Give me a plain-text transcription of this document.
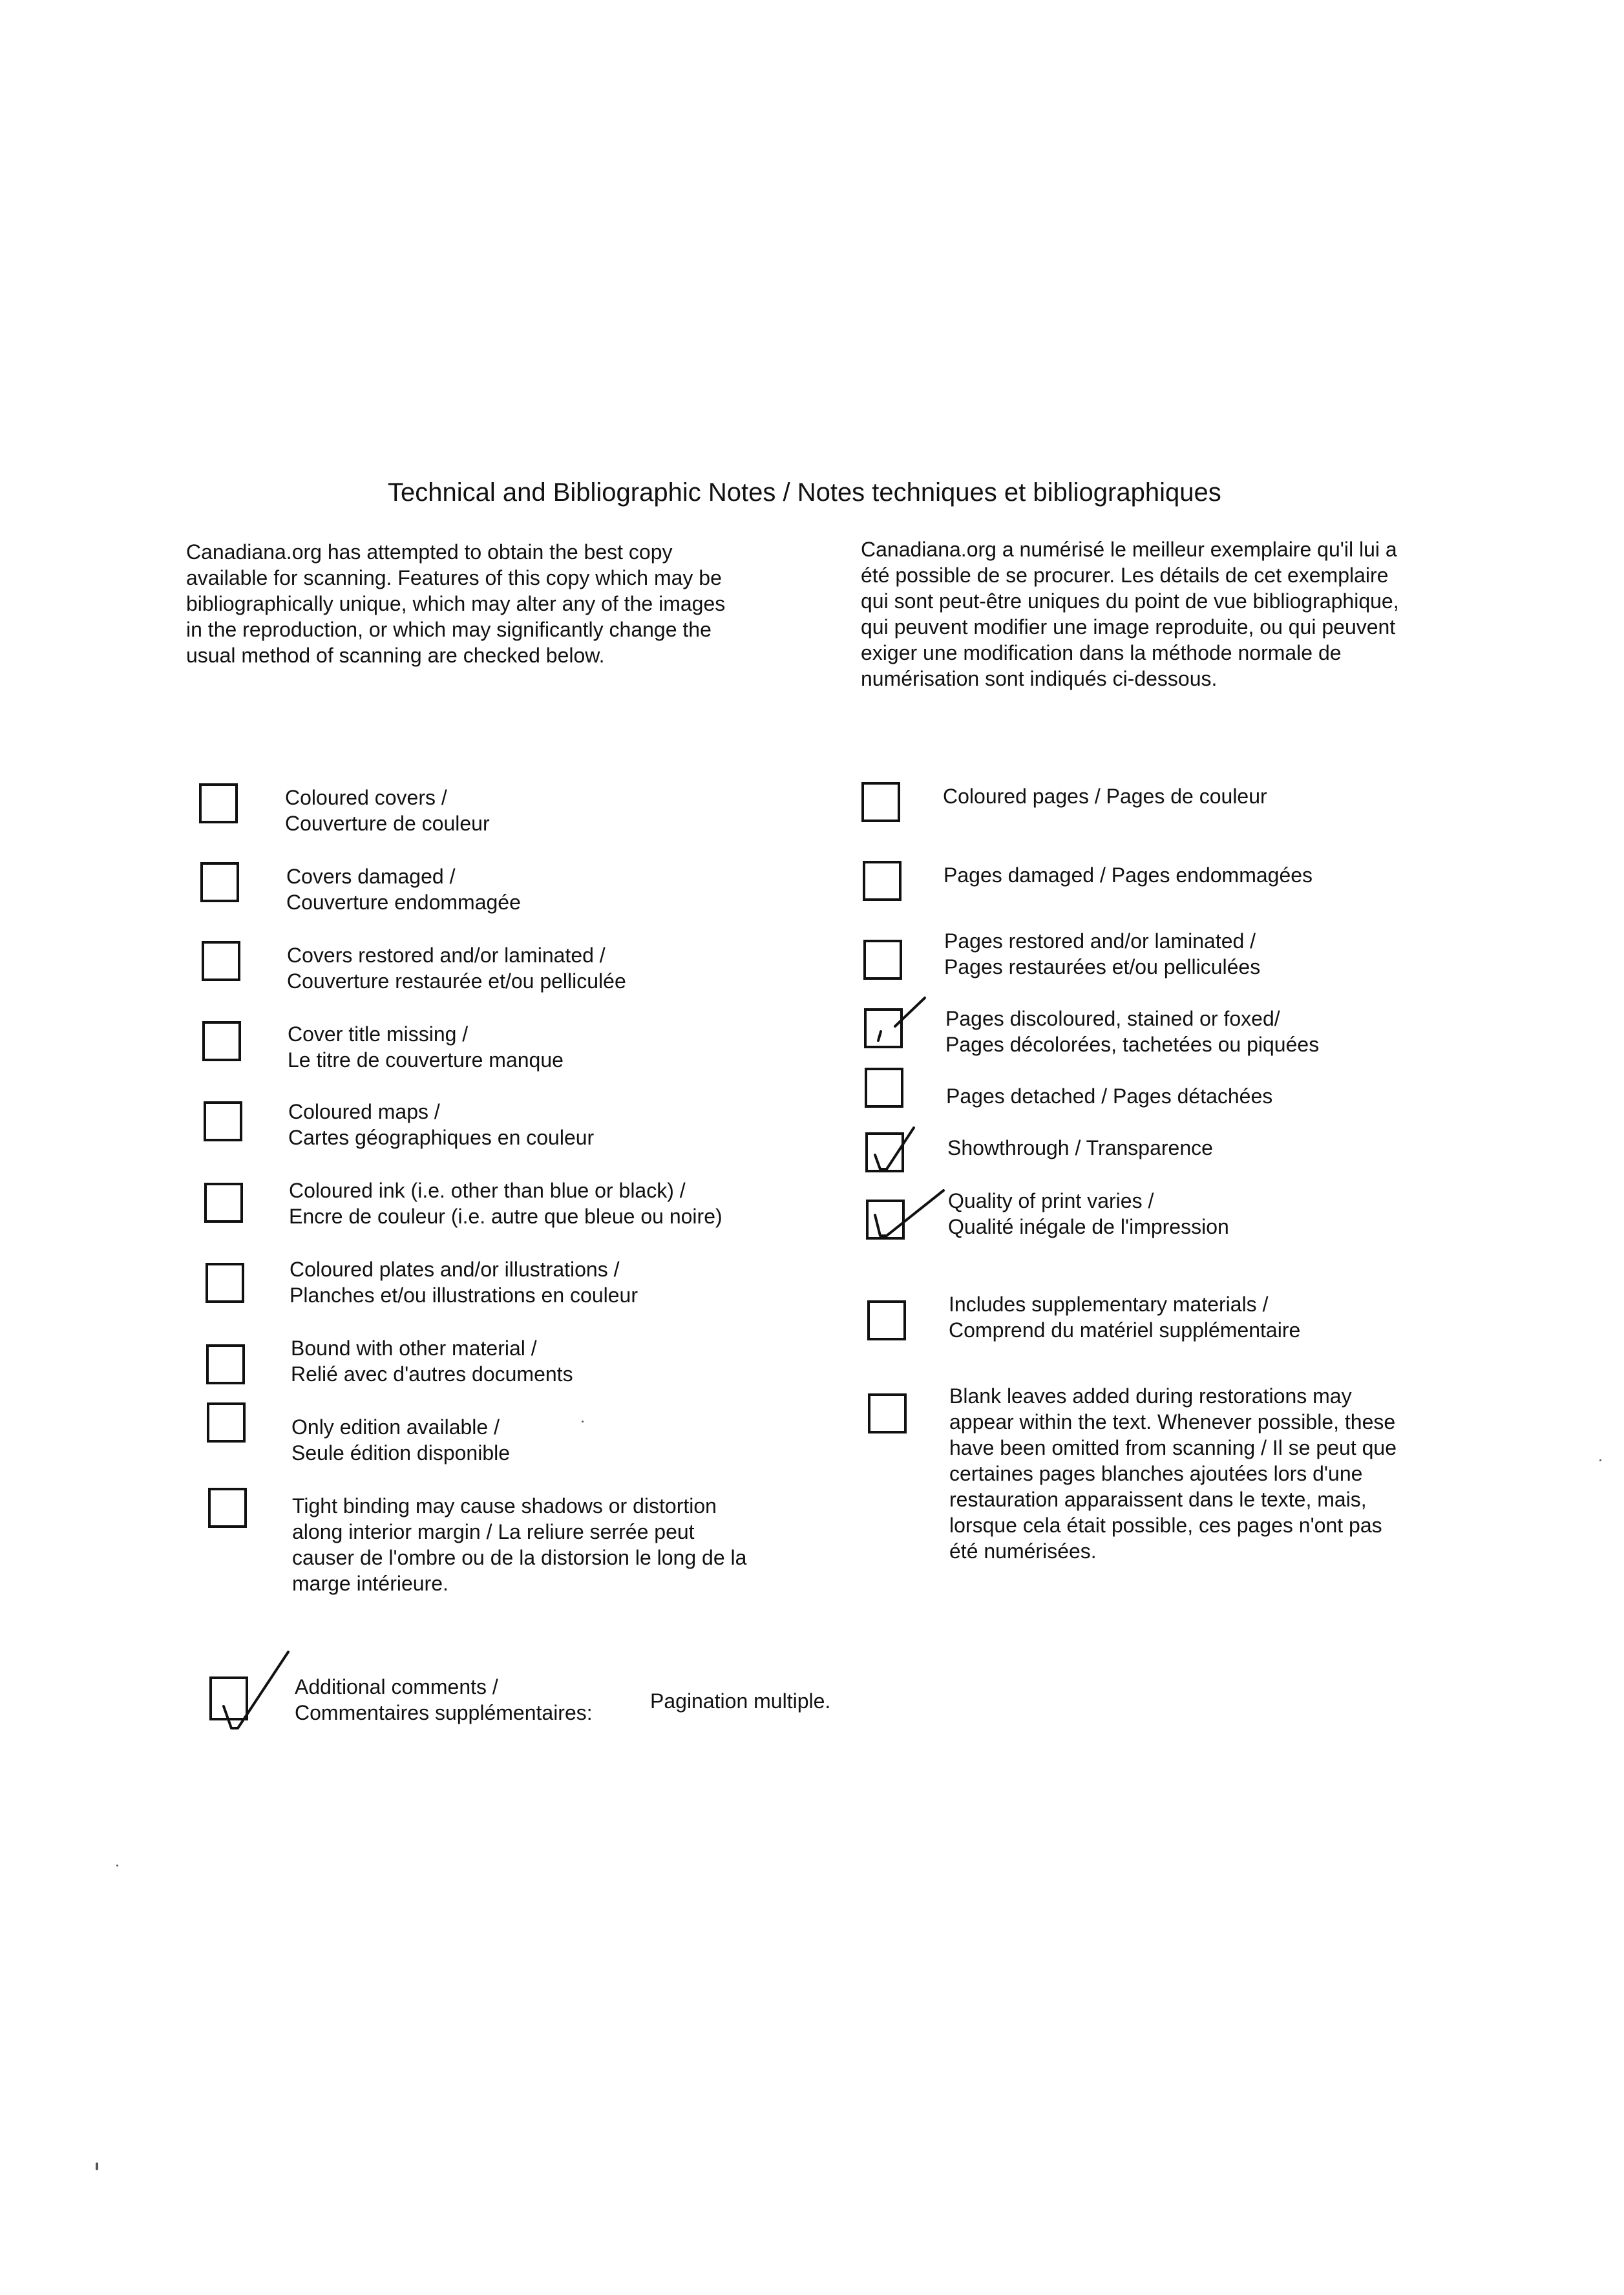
Technical and Bibliographic Notes / Notes techniques et bibliographiques
Canadiana.org has attempted to obtain the best copy
available for scanning. Features of this copy which may be
bibliographically unique, which may alter any of the images
in the reproduction, or which may significantly change the
usual method of scanning are checked below.
Canadiana.org a numérisé le meilleur exemplaire qu'il lui a
été possible de se procurer. Les détails de cet exemplaire
qui sont peut-être uniques du point de vue bibliographique,
qui peuvent modifier une image reproduite, ou qui peuvent
exiger une modification dans la méthode normale de
numérisation sont indiqués ci-dessous.
Coloured covers /
Couverture de couleur
Covers damaged /
Couverture endommagée
Covers restored and/or laminated /
Couverture restaurée et/ou pelliculée
Cover title missing /
Le titre de couverture manque
Coloured maps /
Cartes géographiques en couleur
Coloured ink (i.e. other than blue or black) /
Encre de couleur (i.e. autre que bleue ou noire)
Coloured plates and/or illustrations /
Planches et/ou illustrations en couleur
Bound with other material /
Relié avec d'autres documents
Only edition available /
Seule édition disponible
Tight binding may cause shadows or distortion
along interior margin / La reliure serrée peut
causer de l'ombre ou de la distorsion le long de la
marge intérieure.
Coloured pages / Pages de couleur
Pages damaged / Pages endommagées
Pages restored and/or laminated /
Pages restaurées et/ou pelliculées
Pages discoloured, stained or foxed/
Pages décolorées, tachetées ou piquées
Pages detached / Pages détachées
Showthrough / Transparence
Quality of print varies /
Qualité inégale de l'impression
Includes supplementary materials /
Comprend du matériel supplémentaire
Blank leaves added during restorations may
appear within the text. Whenever possible, these
have been omitted from scanning / Il se peut que
certaines pages blanches ajoutées lors d'une
restauration apparaissent dans le texte, mais,
lorsque cela était possible, ces pages n'ont pas
été numérisées.
Additional comments /
Commentaires supplémentaires:	Pagination multiple.
